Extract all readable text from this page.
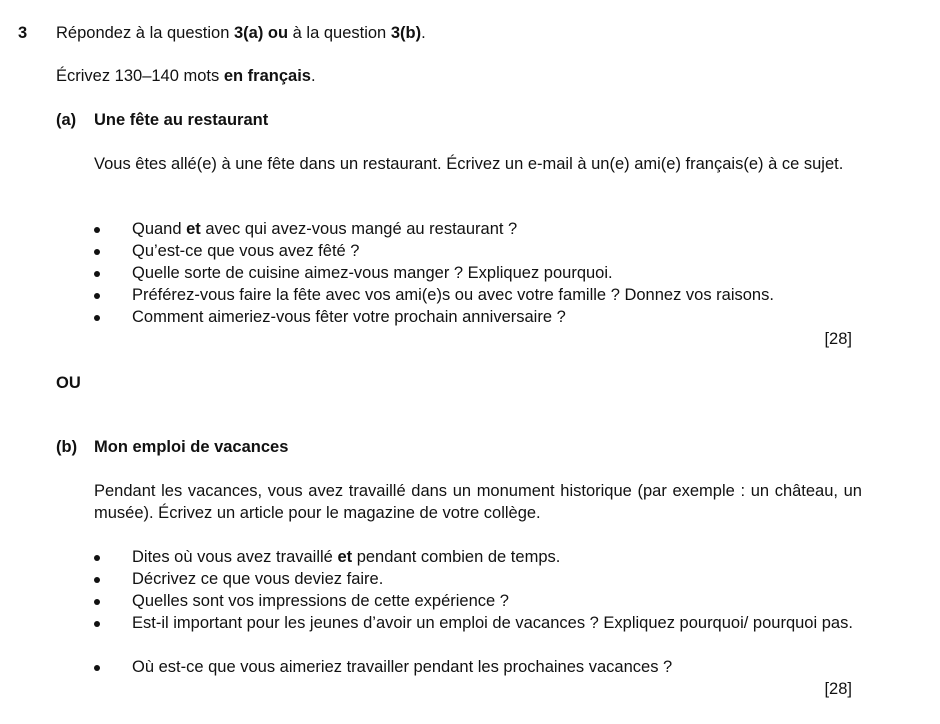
3 Répondez à la question 3(a) ou à la question 3(b).
Écrivez 130–140 mots en français.
(a) Une fête au restaurant
Vous êtes allé(e) à une fête dans un restaurant. Écrivez un e-mail à un(e) ami(e) français(e) à ce sujet.
Quand et avec qui avez-vous mangé au restaurant ?
Qu’est-ce que vous avez fêté ?
Quelle sorte de cuisine aimez-vous manger ? Expliquez pourquoi.
Préférez-vous faire la fête avec vos ami(e)s ou avec votre famille ? Donnez vos raisons.
Comment aimeriez-vous fêter votre prochain anniversaire ?
[28]
OU
(b) Mon emploi de vacances
Pendant les vacances, vous avez travaillé dans un monument historique (par exemple : un château, un musée). Écrivez un article pour le magazine de votre collège.
Dites où vous avez travaillé et pendant combien de temps.
Décrivez ce que vous deviez faire.
Quelles sont vos impressions de cette expérience ?
Est-il important pour les jeunes d’avoir un emploi de vacances ? Expliquez pourquoi/ pourquoi pas.
Où est-ce que vous aimeriez travailler pendant les prochaines vacances ?
[28]
